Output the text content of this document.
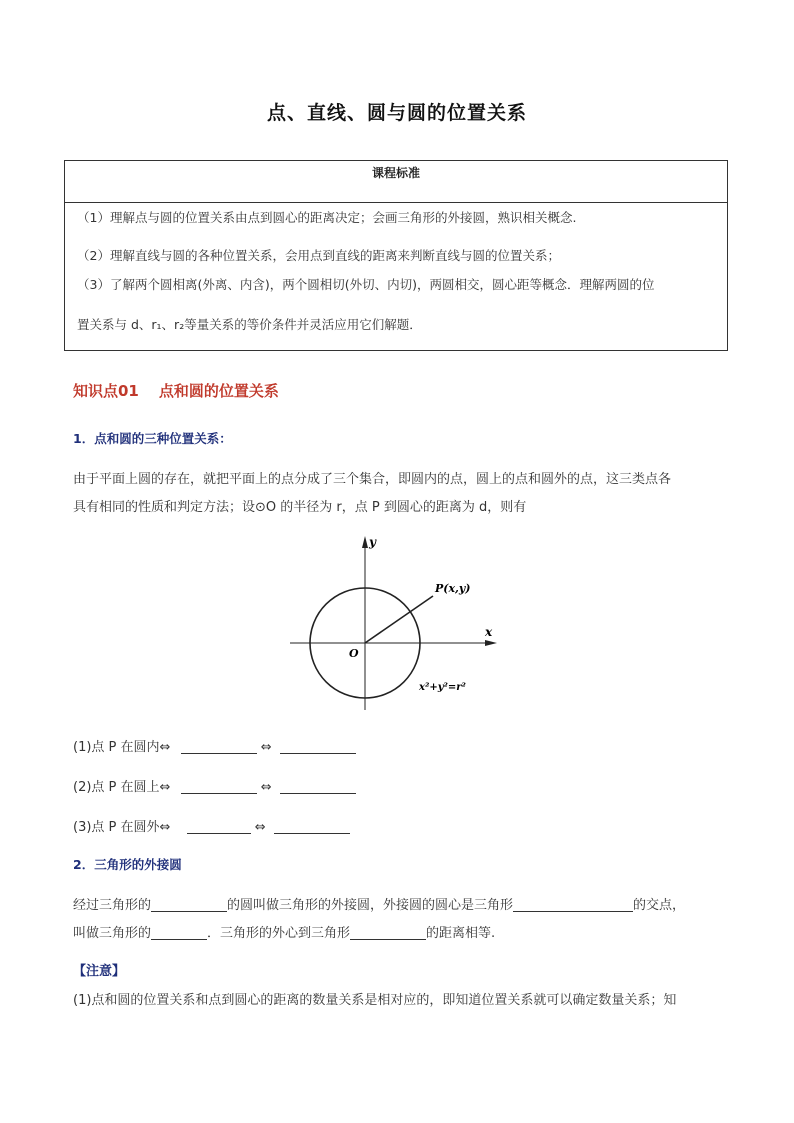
点、直线、圆与圆的位置关系
课程标准
（1）理解点与圆的位置关系由点到圆心的距离决定；会画三角形的外接圆，熟识相关概念.
（2）理解直线与圆的各种位置关系，会用点到直线的距离来判断直线与圆的位置关系；
（3）了解两个圆相离(外离、内含)，两个圆相切(外切、内切)，两圆相交，圆心距等概念．理解两圆的位
置关系与 d、r₁、r₂等量关系的等价条件并灵活应用它们解题．
知识点01 点和圆的位置关系
1．点和圆的三种位置关系：
由于平面上圆的存在，就把平面上的点分成了三个集合，即圆内的点，圆上的点和圆外的点，这三类点各
具有相同的性质和判定方法；设⊙O 的半径为 r，点 P 到圆心的距离为 d，则有
y
x
O
P(x,y)
x²+y²=r²
(1)点 P 在圆内⇔	⇔
(2)点 P 在圆上⇔	⇔
(3)点 P 在圆外⇔	⇔
2．三角形的外接圆
经过三角形的	的圆叫做三角形的外接圆，外接圆的圆心是三角形	的交点，
叫做三角形的	．三角形的外心到三角形	的距离相等.
【注意】
(1)点和圆的位置关系和点到圆心的距离的数量关系是相对应的，即知道位置关系就可以确定数量关系；知
